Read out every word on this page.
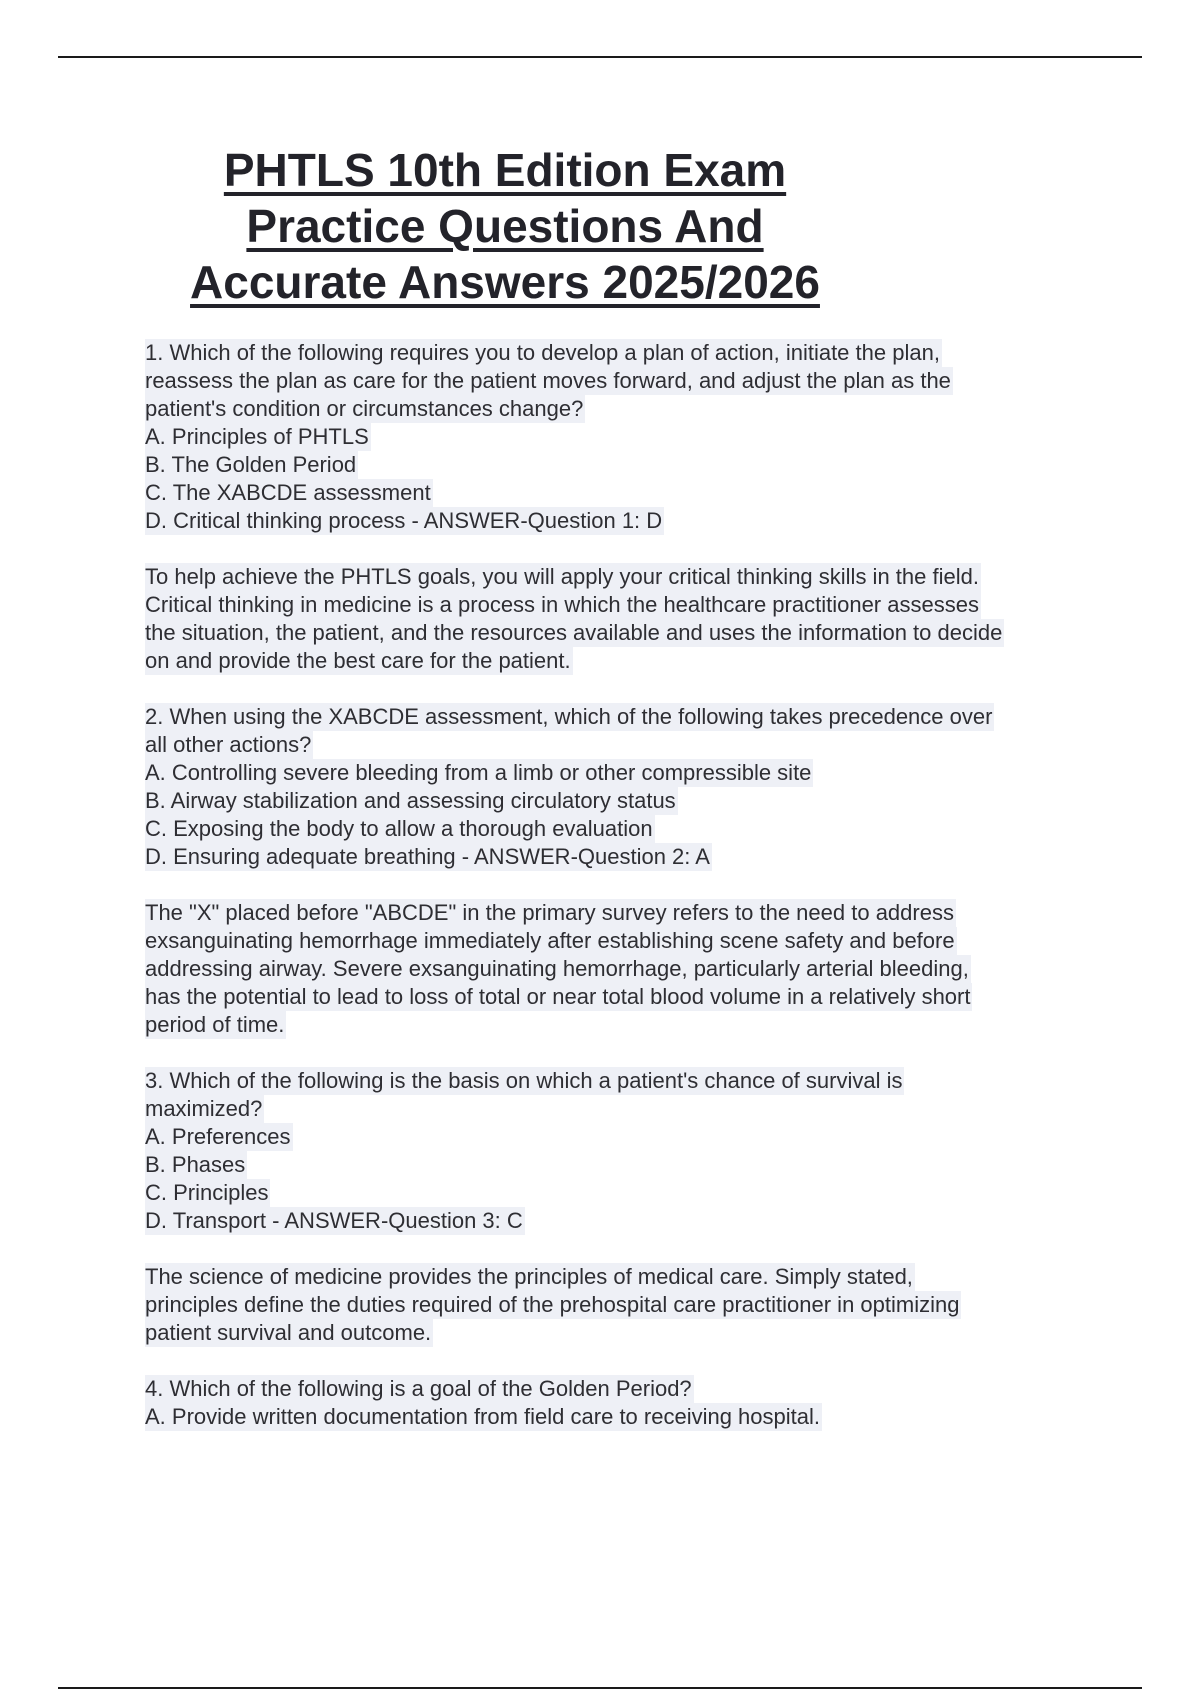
PHTLS 10th Edition Exam
Practice Questions And
Accurate Answers 2025/2026
1. Which of the following requires you to develop a plan of action, initiate the plan,
reassess the plan as care for the patient moves forward, and adjust the plan as the
patient's condition or circumstances change?
A. Principles of PHTLS
B. The Golden Period
C. The XABCDE assessment
D. Critical thinking process - ANSWER-Question 1: D
To help achieve the PHTLS goals, you will apply your critical thinking skills in the field.
Critical thinking in medicine is a process in which the healthcare practitioner assesses
the situation, the patient, and the resources available and uses the information to decide
on and provide the best care for the patient.
2. When using the XABCDE assessment, which of the following takes precedence over
all other actions?
A. Controlling severe bleeding from a limb or other compressible site
B. Airway stabilization and assessing circulatory status
C. Exposing the body to allow a thorough evaluation
D. Ensuring adequate breathing - ANSWER-Question 2: A
The "X" placed before "ABCDE" in the primary survey refers to the need to address
exsanguinating hemorrhage immediately after establishing scene safety and before
addressing airway. Severe exsanguinating hemorrhage, particularly arterial bleeding,
has the potential to lead to loss of total or near total blood volume in a relatively short
period of time.
3. Which of the following is the basis on which a patient's chance of survival is
maximized?
A. Preferences
B. Phases
C. Principles
D. Transport - ANSWER-Question 3: C
The science of medicine provides the principles of medical care. Simply stated,
principles define the duties required of the prehospital care practitioner in optimizing
patient survival and outcome.
4. Which of the following is a goal of the Golden Period?
A. Provide written documentation from field care to receiving hospital.
